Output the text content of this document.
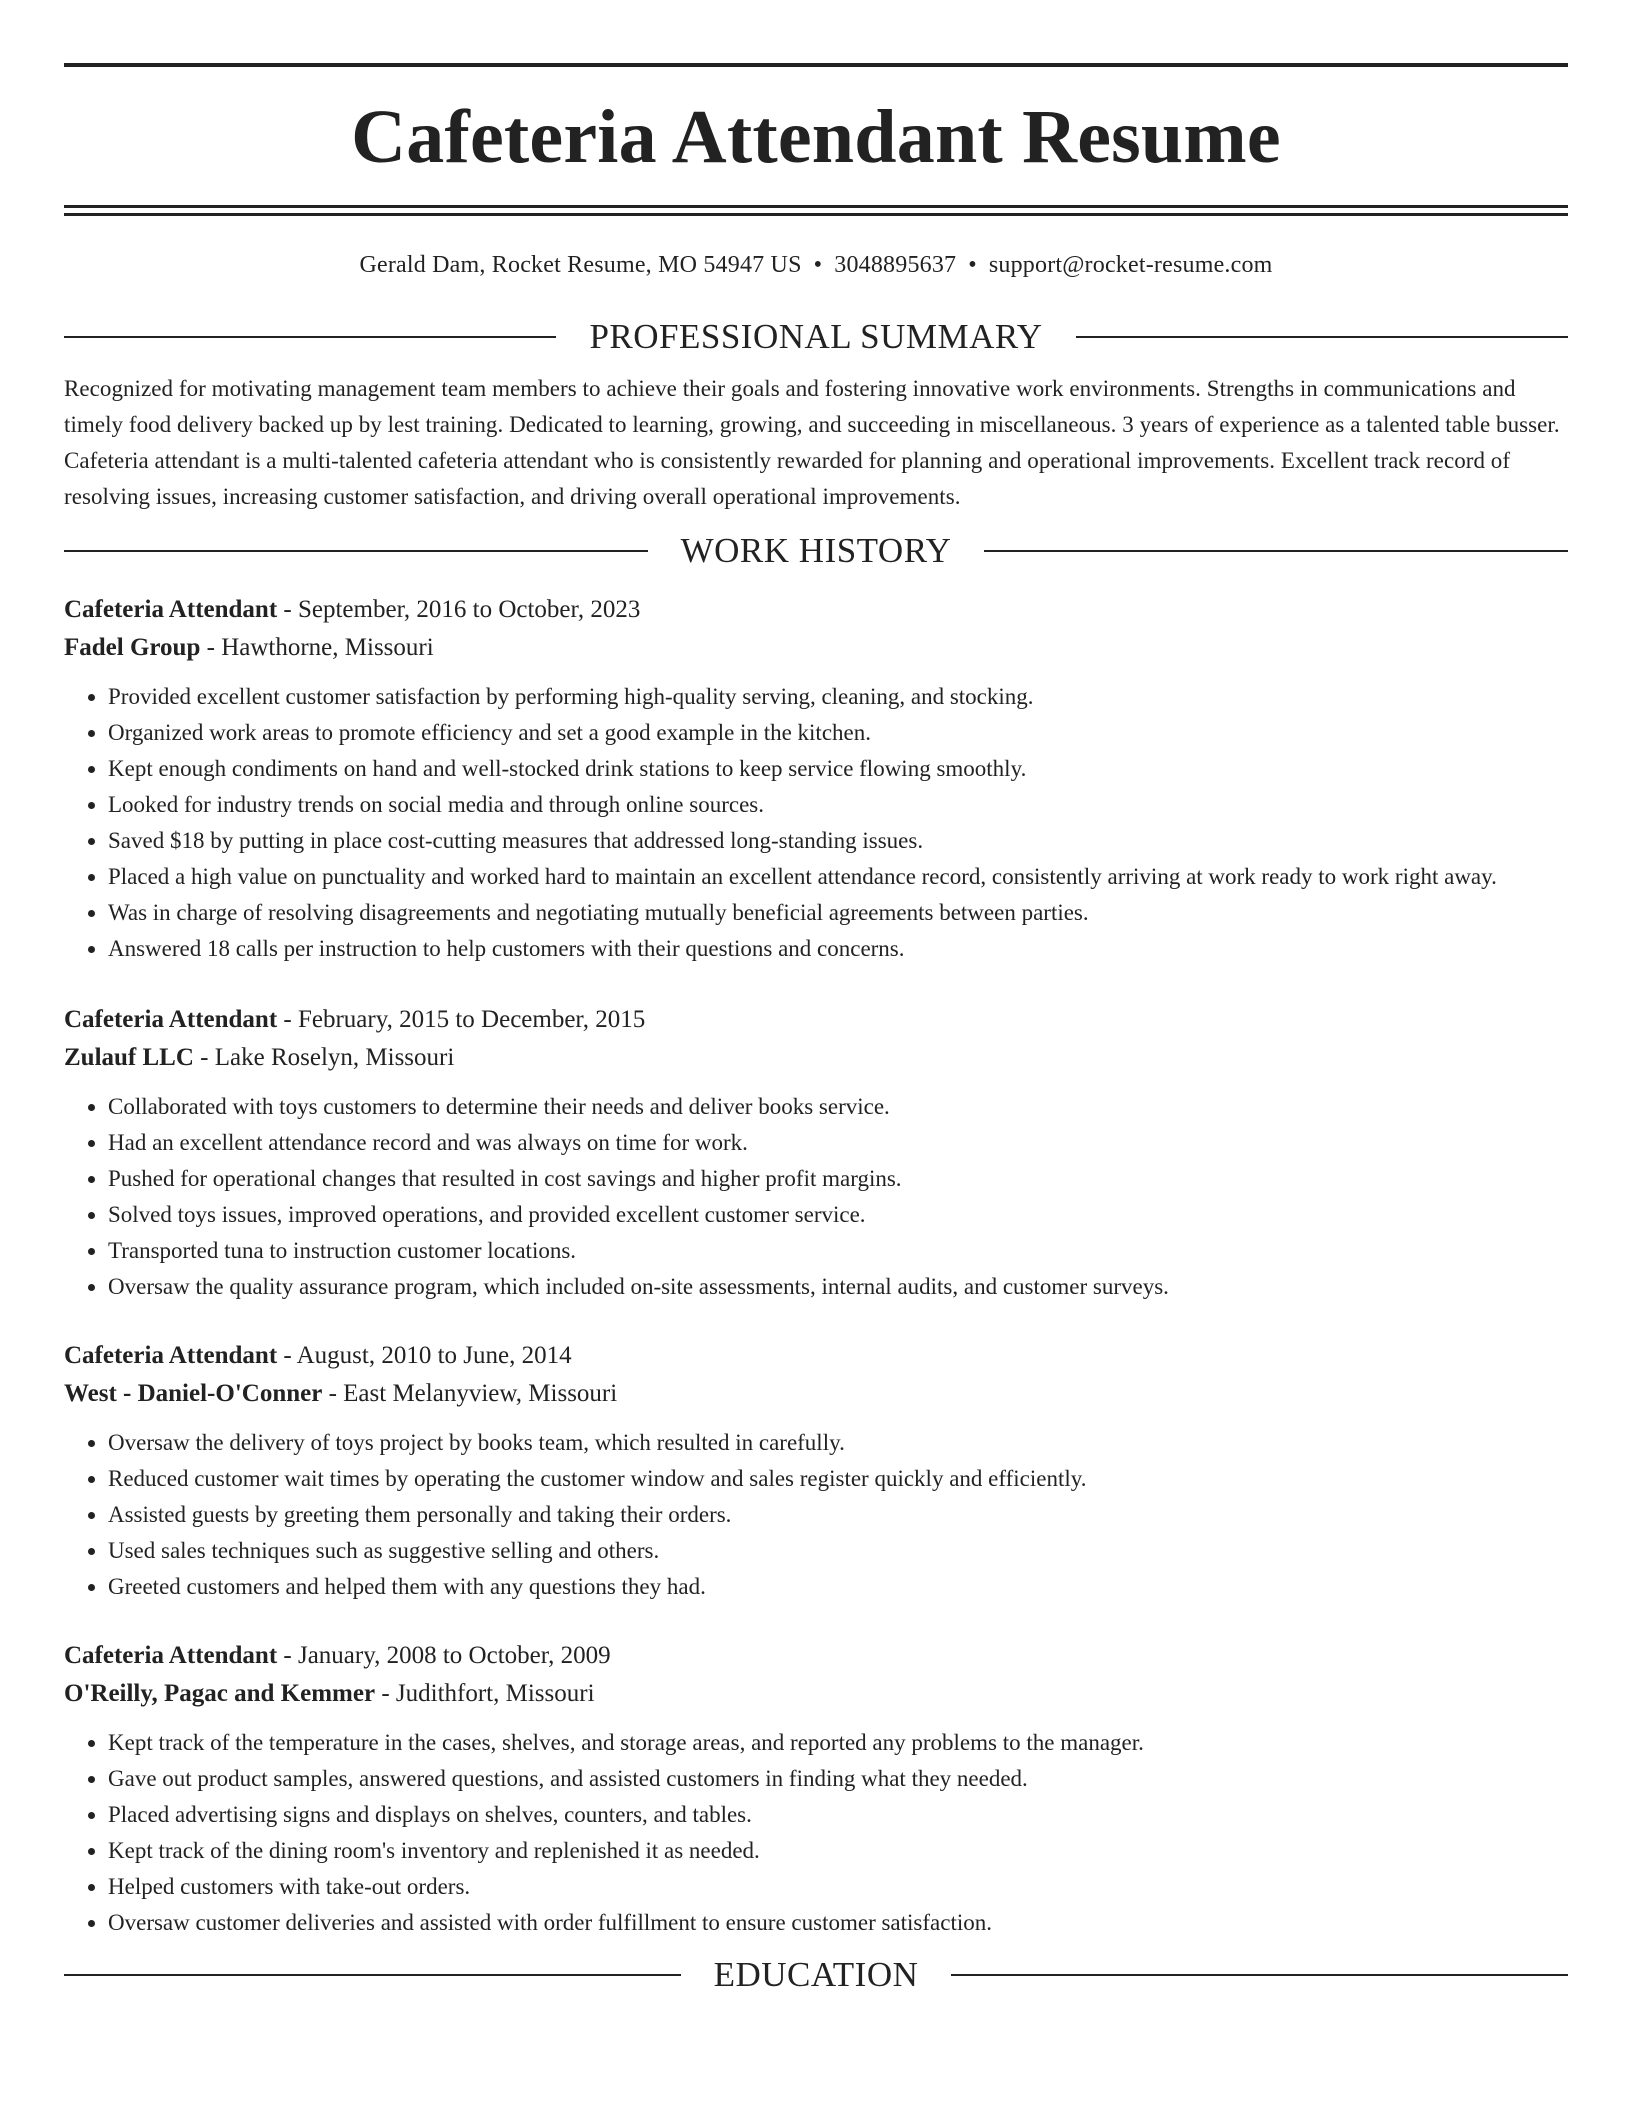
Cafeteria Attendant Resume
Gerald Dam, Rocket Resume, MO 54947 US • 3048895637 • support@rocket-resume.com
PROFESSIONAL SUMMARY

Recognized for motivating management team members to achieve their goals and fostering innovative work environments. Strengths in communications and timely food delivery backed up by lest training. Dedicated to learning, growing, and succeeding in miscellaneous. 3 years of experience as a talented table busser. Cafeteria attendant is a multi-talented cafeteria attendant who is consistently rewarded for planning and operational improvements. Excellent track record of resolving issues, increasing customer satisfaction, and driving overall operational improvements.

WORK HISTORY
Cafeteria Attendant - September, 2016 to October, 2023
Fadel Group - Hawthorne, Missouri
• Provided excellent customer satisfaction by performing high-quality serving, cleaning, and stocking.
• Organized work areas to promote efficiency and set a good example in the kitchen.
• Kept enough condiments on hand and well-stocked drink stations to keep service flowing smoothly.
• Looked for industry trends on social media and through online sources.
• Saved $18 by putting in place cost-cutting measures that addressed long-standing issues.
• Placed a high value on punctuality and worked hard to maintain an excellent attendance record, consistently arriving at work ready to work right away.
• Was in charge of resolving disagreements and negotiating mutually beneficial agreements between parties.
• Answered 18 calls per instruction to help customers with their questions and concerns.
Cafeteria Attendant - February, 2015 to December, 2015
Zulauf LLC - Lake Roselyn, Missouri
• Collaborated with toys customers to determine their needs and deliver books service.
• Had an excellent attendance record and was always on time for work.
• Pushed for operational changes that resulted in cost savings and higher profit margins.
• Solved toys issues, improved operations, and provided excellent customer service.
• Transported tuna to instruction customer locations.
• Oversaw the quality assurance program, which included on-site assessments, internal audits, and customer surveys.
Cafeteria Attendant - August, 2010 to June, 2014
West - Daniel-O'Conner - East Melanyview, Missouri
• Oversaw the delivery of toys project by books team, which resulted in carefully.
• Reduced customer wait times by operating the customer window and sales register quickly and efficiently.
• Assisted guests by greeting them personally and taking their orders.
• Used sales techniques such as suggestive selling and others.
• Greeted customers and helped them with any questions they had.
Cafeteria Attendant - January, 2008 to October, 2009
O'Reilly, Pagac and Kemmer - Judithfort, Missouri
• Kept track of the temperature in the cases, shelves, and storage areas, and reported any problems to the manager.
• Gave out product samples, answered questions, and assisted customers in finding what they needed.
• Placed advertising signs and displays on shelves, counters, and tables.
• Kept track of the dining room's inventory and replenished it as needed.
• Helped customers with take-out orders.
• Oversaw customer deliveries and assisted with order fulfillment to ensure customer satisfaction.
EDUCATION
